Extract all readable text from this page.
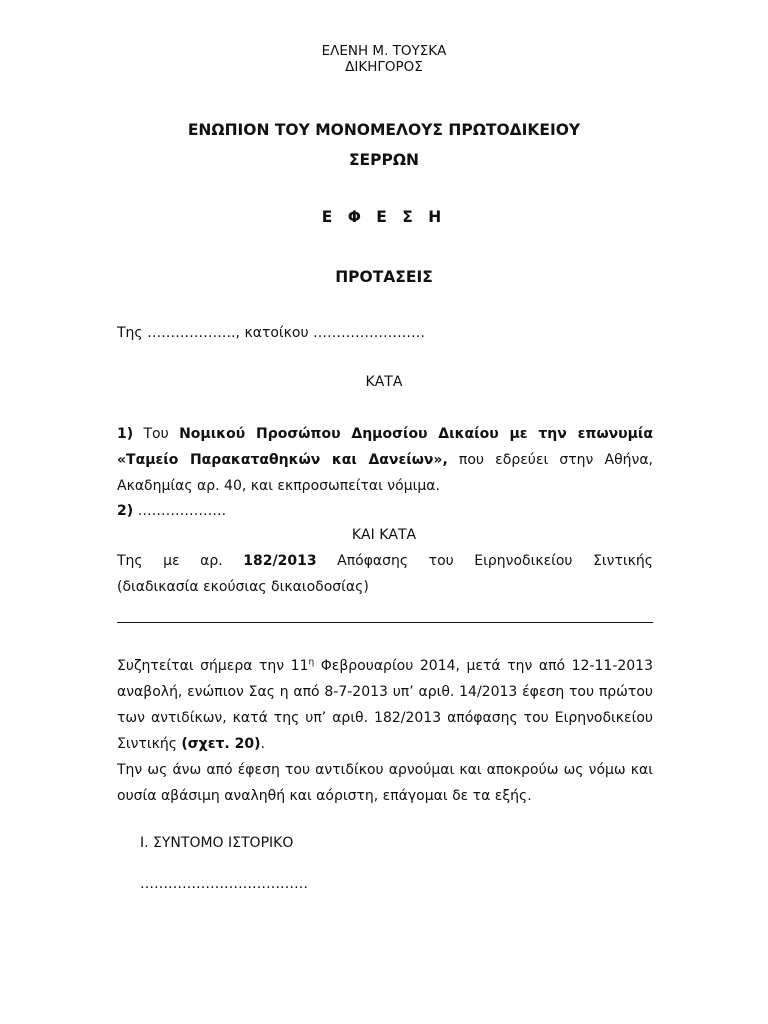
ΕΛΕΝΗ Μ. ΤΟΥΣΚΑ
ΔΙΚΗΓΟΡΟΣ
ΕΝΩΠΙΟΝ ΤΟΥ ΜΟΝΟΜΕΛΟΥΣ ΠΡΩΤΟΔΙΚΕΙΟΥ
ΣΕΡΡΩΝ
Ε Φ Ε Σ Η
ΠΡΟΤΑΣΕΙΣ
Της ………………., κατοίκου ……………………
ΚΑΤΑ
1) Του Νομικού Προσώπου Δημοσίου Δικαίου με την επωνυμία «Ταμείο Παρακαταθηκών και Δανείων», που εδρεύει στην Αθήνα, Ακαδημίας αρ. 40, και εκπροσωπείται νόμιμα.
2) ……………….
ΚΑΙ ΚΑΤΑ
Της με αρ. 182/2013 Απόφασης του Ειρηνοδικείου Σιντικής
(διαδικασία εκούσιας δικαιοδοσίας)
Συζητείται σήμερα την $11^\eta$ Φεβρουαρίου 2014, μετά την από 12-11-2013 αναβολή, ενώπιον Σας η από 8-7-2013 υπ’ αριθ. 14/2013 έφεση του πρώτου των αντιδίκων, κατά της υπ’ αριθ. 182/2013 απόφασης του Ειρηνοδικείου Σιντικής (σχετ. 20).
Την ως άνω από έφεση του αντιδίκου αρνούμαι και αποκρούω ως νόμω και ουσία αβάσιμη αναληθή και αόριστη, επάγομαι δε τα εξής.
Ι. ΣΥΝΤΟΜΟ ΙΣΤΟΡΙΚΟ
………………………………
